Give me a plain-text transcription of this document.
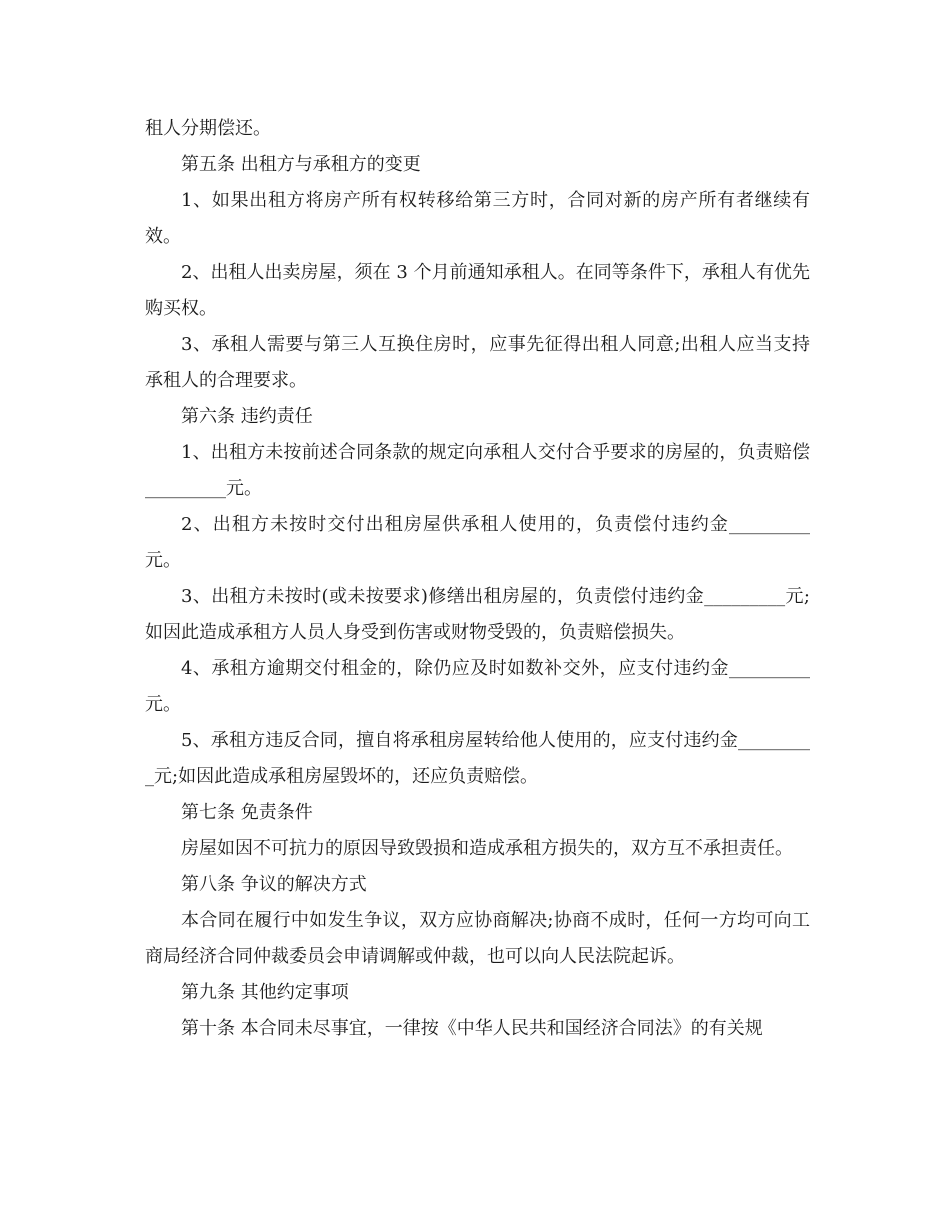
租人分期偿还。

第五条 出租方与承租方的变更

1、如果出租方将房产所有权转移给第三方时，合同对新的房产所有者继续有效。

2、出租人出卖房屋，须在 3 个月前通知承租人。在同等条件下，承租人有优先购买权。

3、承租人需要与第三人互换住房时，应事先征得出租人同意;出租人应当支持承租人的合理要求。

第六条 违约责任

1、出租方未按前述合同条款的规定向承租人交付合乎要求的房屋的，负责赔偿_________元。

2、出租方未按时交付出租房屋供承租人使用的，负责偿付违约金_________元。

3、出租方未按时(或未按要求)修缮出租房屋的，负责偿付违约金_________元;如因此造成承租方人员人身受到伤害或财物受毁的，负责赔偿损失。

4、承租方逾期交付租金的，除仍应及时如数补交外，应支付违约金_________元。

5、承租方违反合同，擅自将承租房屋转给他人使用的，应支付违约金_________元;如因此造成承租房屋毁坏的，还应负责赔偿。

第七条 免责条件

房屋如因不可抗力的原因导致毁损和造成承租方损失的，双方互不承担责任。

第八条 争议的解决方式

本合同在履行中如发生争议，双方应协商解决;协商不成时，任何一方均可向工商局经济合同仲裁委员会申请调解或仲裁，也可以向人民法院起诉。

第九条 其他约定事项

第十条 本合同未尽事宜，一律按《中华人民共和国经济合同法》的有关规
